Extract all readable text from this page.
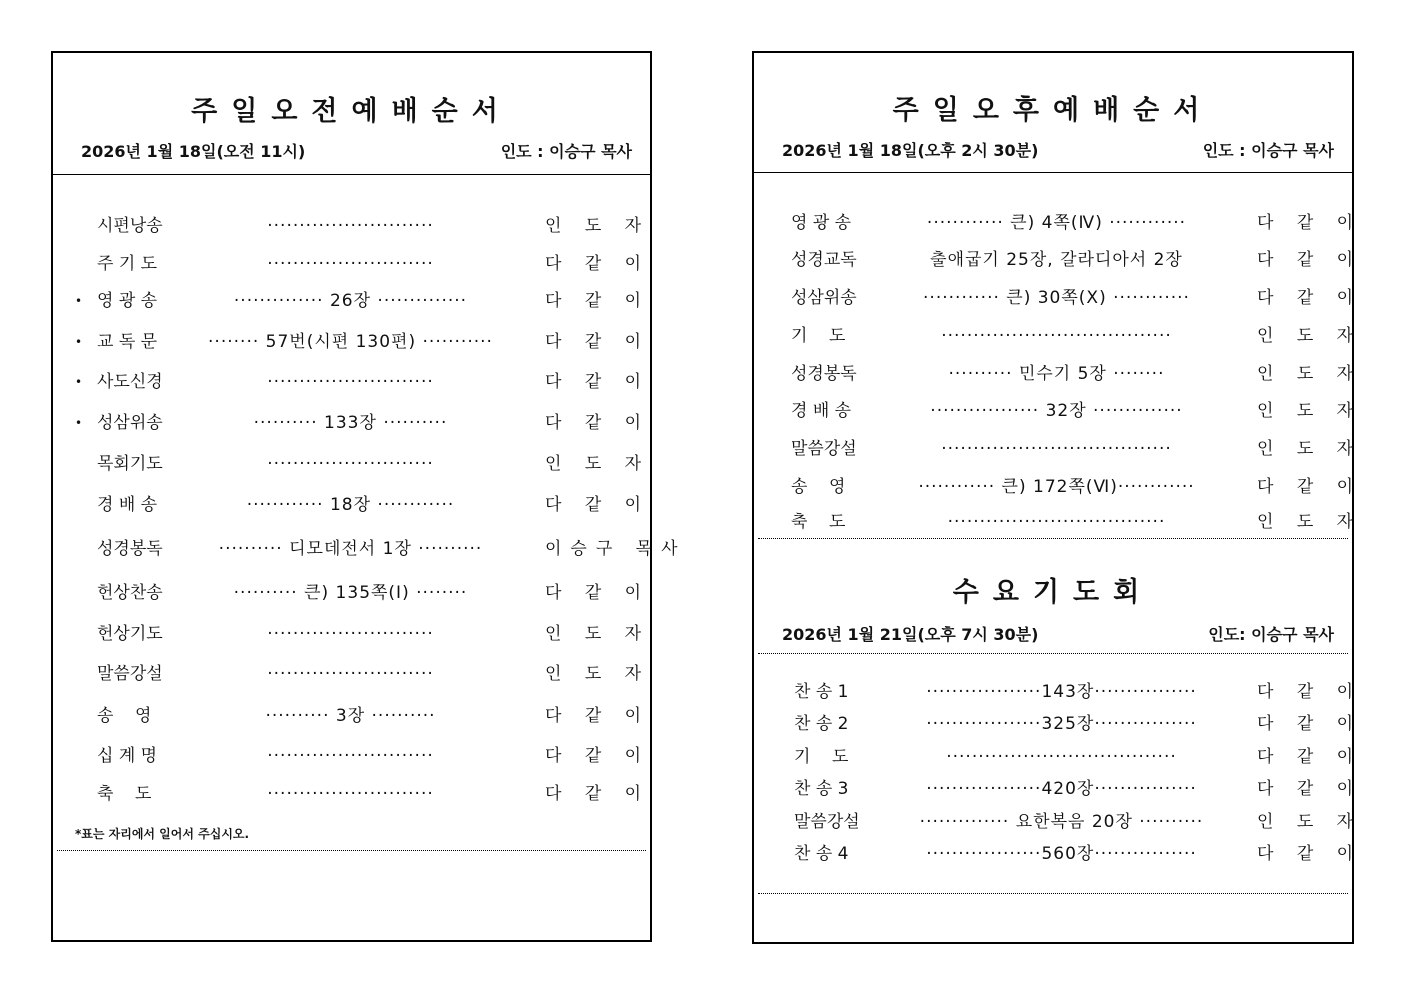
주일오전예배순서
2026년 1월 18일(오전 11시)	인도 : 이승구 목사
시편낭송	··························	인 도 자
주 기 도	··························	다 같 이
• 영 광 송	·············· 26장 ··············	다 같 이
• 교 독 문	········ 57번(시편 130편) ···········	다 같 이
• 사도신경	··························	다 같 이
• 성삼위송	·········· 133장 ··········	다 같 이
목회기도	··························	인 도 자
경 배 송	············ 18장 ············	다 같 이
성경봉독	·········· 디모데전서 1장 ··········	이승구 목사
헌상찬송	·········· 큰) 135쪽(Ⅰ) ········	다 같 이
헌상기도	··························	인 도 자
말씀강설	··························	인 도 자
송    영	·········· 3장 ··········	다 같 이
십 계 명	··························	다 같 이
축    도	··························	다 같 이
*표는 자리에서 일어서 주십시오.
주일오후예배순서
2026년 1월 18일(오후 2시 30분)	인도 : 이승구 목사
영 광 송	············ 큰) 4쪽(Ⅳ) ············	다 같 이
성경교독	출애굽기 25장, 갈라디아서 2장	다 같 이
성삼위송	············ 큰) 30쪽(Ⅹ) ············	다 같 이
기    도	····································	인 도 자
성경봉독	·········· 민수기 5장 ········	인 도 자
경 배 송	················· 32장 ··············	인 도 자
말씀강설	····································	인 도 자
송    영	············ 큰) 172쪽(Ⅵ)············	다 같 이
축    도	··································	인 도 자
수요기도회
2026년 1월 21일(오후 7시 30분)	인도: 이승구 목사
찬 송 1	··················143장················	다 같 이
찬 송 2	··················325장················	다 같 이
기    도	····································	다 같 이
찬 송 3	··················420장················	다 같 이
말씀강설	·············· 요한복음 20장 ··········	인 도 자
찬 송 4	··················560장················	다 같 이
